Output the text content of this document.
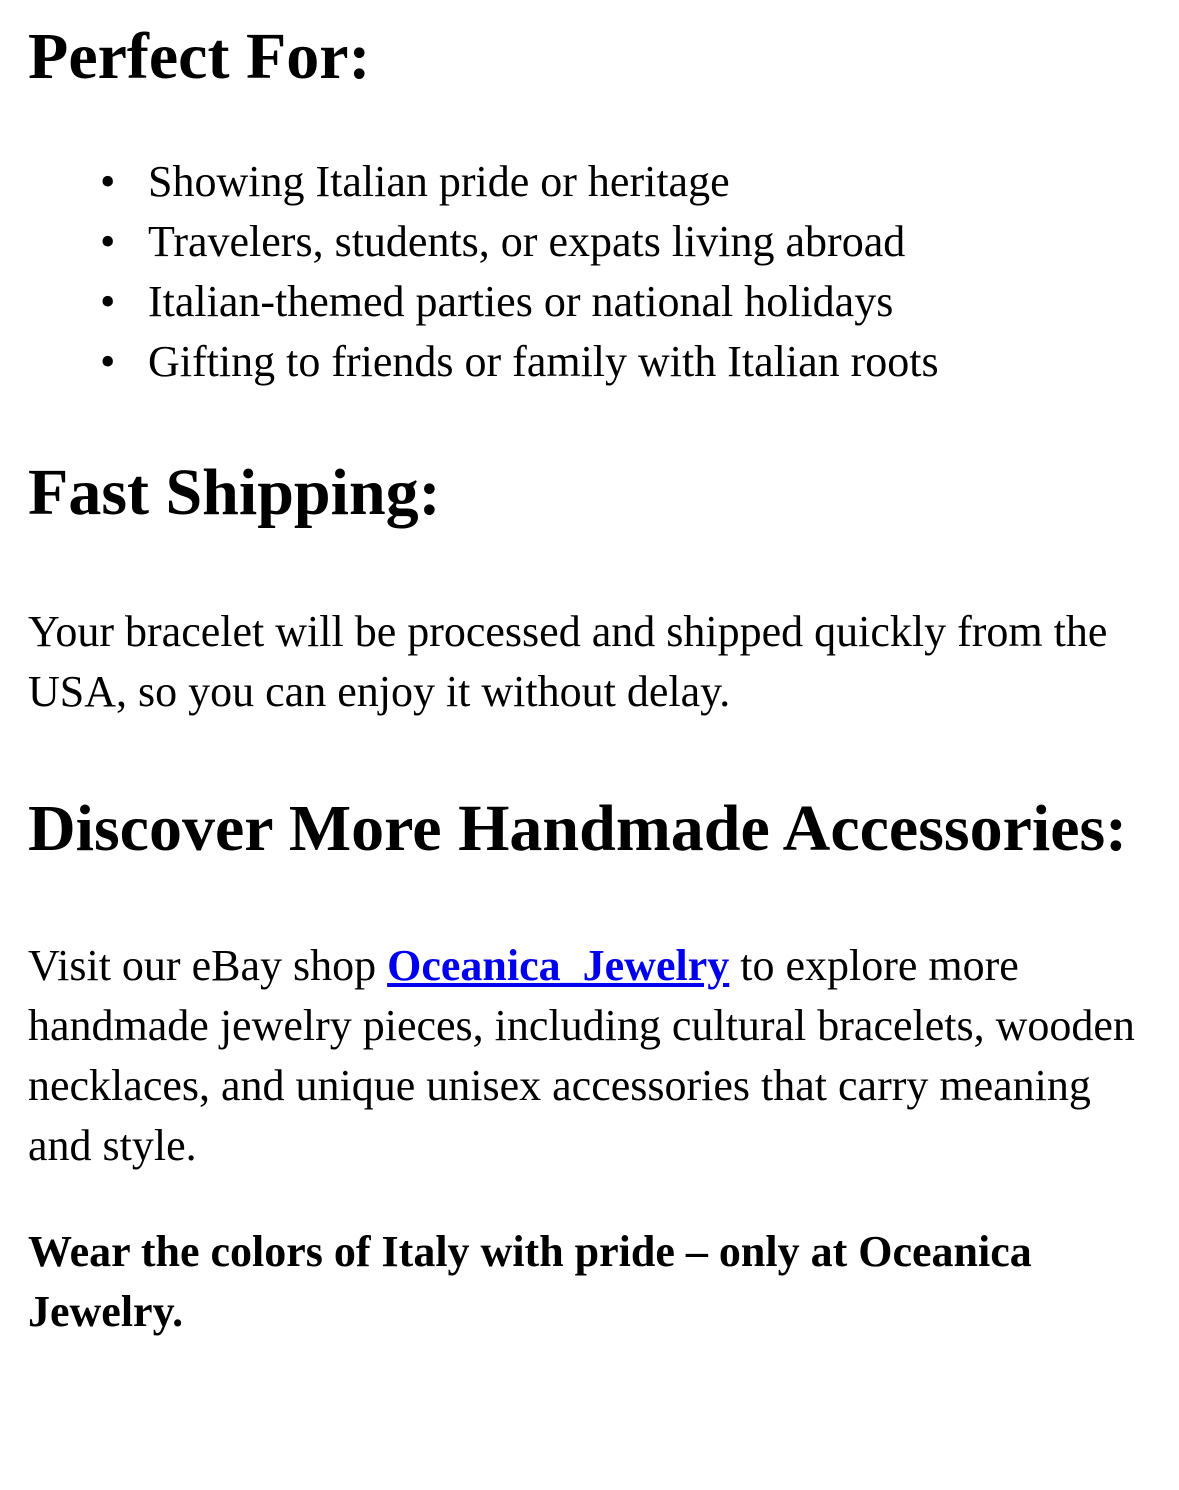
Perfect For:
• Showing Italian pride or heritage
• Travelers, students, or expats living abroad
• Italian-themed parties or national holidays
• Gifting to friends or family with Italian roots
Fast Shipping:

Your bracelet will be processed and shipped quickly from the USA, so you can enjoy it without delay.

Discover More Handmade Accessories:

Visit our eBay shop Oceanica_Jewelry to explore more handmade jewelry pieces, including cultural bracelets, wooden necklaces, and unique unisex accessories that carry meaning and style.

Wear the colors of Italy with pride – only at Oceanica Jewelry.
